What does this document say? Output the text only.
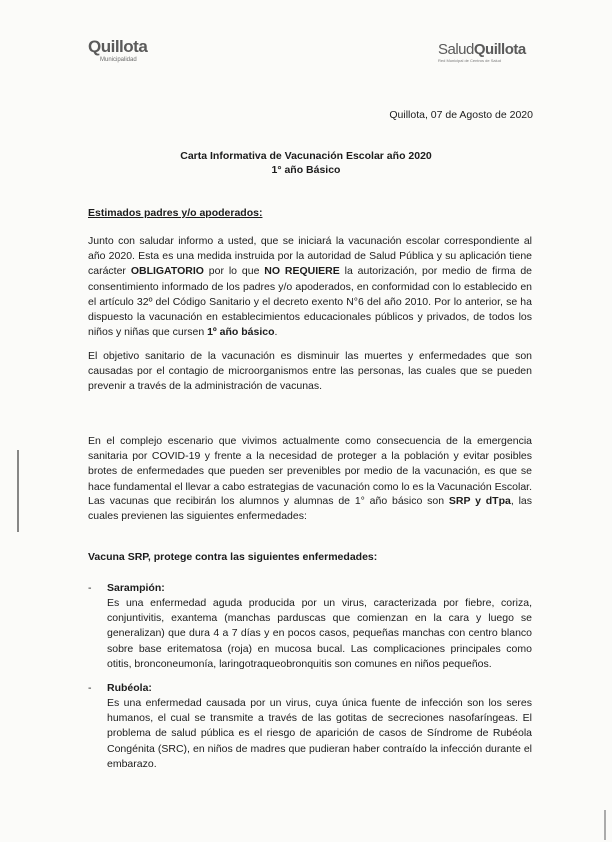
Quillota
Municipalidad
SaludQuillota
Red Municipal de Centros de Salud
Quillota, 07 de Agosto de 2020
Carta Informativa de Vacunación Escolar año 2020
1° año Básico
Estimados padres y/o apoderados:
Junto con saludar informo a usted, que se iniciará la vacunación escolar correspondiente al año 2020. Esta es una medida instruida por la autoridad de Salud Pública y su aplicación tiene carácter OBLIGATORIO por lo que NO REQUIERE la autorización, por medio de firma de consentimiento informado de los padres y/o apoderados, en conformidad con lo establecido en el artículo 32º del Código Sanitario y el decreto exento N°6 del año 2010. Por lo anterior, se ha dispuesto la vacunación en establecimientos educacionales públicos y privados, de todos los niños y niñas que cursen 1º año básico.
El objetivo sanitario de la vacunación es disminuir las muertes y enfermedades que son causadas por el contagio de microorganismos entre las personas, las cuales que se pueden prevenir a través de la administración de vacunas.
En el complejo escenario que vivimos actualmente como consecuencia de la emergencia sanitaria por COVID-19 y frente a la necesidad de proteger a la población y evitar posibles brotes de enfermedades que pueden ser prevenibles por medio de la vacunación, es que se hace fundamental el llevar a cabo estrategias de vacunación como lo es la Vacunación Escolar.
Las vacunas que recibirán los alumnos y alumnas de 1° año básico son SRP y dTpa, las cuales previenen las siguientes enfermedades:
Vacuna SRP, protege contra las siguientes enfermedades:
- Sarampión:
Es una enfermedad aguda producida por un virus, caracterizada por fiebre, coriza, conjuntivitis, exantema (manchas parduscas que comienzan en la cara y luego se generalizan) que dura 4 a 7 días y en pocos casos, pequeñas manchas con centro blanco sobre base eritematosa (roja) en mucosa bucal. Las complicaciones principales como otitis, bronconeumonía, laringotraqueobronquitis son comunes en niños pequeños.
- Rubéola:
Es una enfermedad causada por un virus, cuya única fuente de infección son los seres humanos, el cual se transmite a través de las gotitas de secreciones nasofaríngeas. El problema de salud pública es el riesgo de aparición de casos de Síndrome de Rubéola Congénita (SRC), en niños de madres que pudieran haber contraído la infección durante el embarazo.
